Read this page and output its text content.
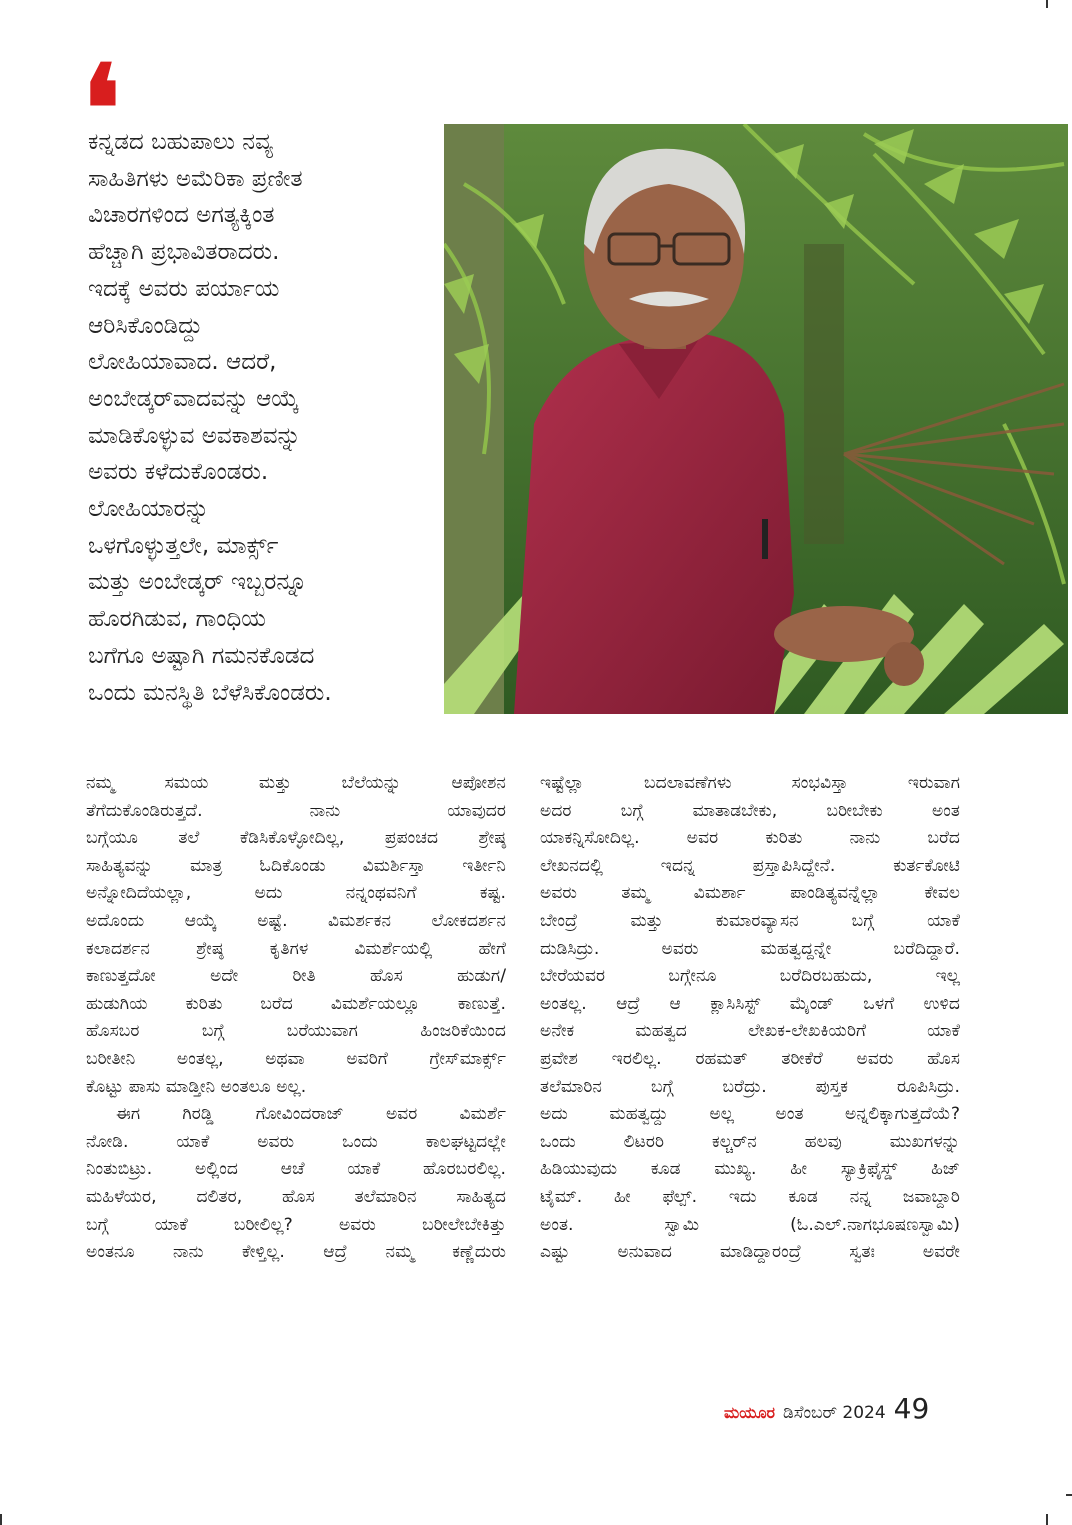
❛
ಕನ್ನಡದ ಬಹುಪಾಲು ನವ್ಯ
ಸಾಹಿತಿಗಳು ಅಮೆರಿಕಾ ಪ್ರಣೀತ
ವಿಚಾರಗಳಿಂದ ಅಗತ್ಯಕ್ಕಿಂತ
ಹೆಚ್ಚಾಗಿ ಪ್ರಭಾವಿತರಾದರು.
ಇದಕ್ಕೆ ಅವರು ಪರ್ಯಾಯ
ಆರಿಸಿಕೊಂಡಿದ್ದು
ಲೋಹಿಯಾವಾದ. ಆದರೆ,
ಅಂಬೇಡ್ಕರ್‌ವಾದವನ್ನು ಆಯ್ಕೆ
ಮಾಡಿಕೊಳ್ಳುವ ಅವಕಾಶವನ್ನು
ಅವರು ಕಳೆದುಕೊಂಡರು.
ಲೋಹಿಯಾರನ್ನು
ಒಳಗೊಳ್ಳುತ್ತಲೇ, ಮಾರ್ಕ್ಸ್
ಮತ್ತು ಅಂಬೇಡ್ಕರ್ ಇಬ್ಬರನ್ನೂ
ಹೊರಗಿಡುವ, ಗಾಂಧಿಯ
ಬಗೆಗೂ ಅಷ್ಟಾಗಿ ಗಮನಕೊಡದ
ಒಂದು ಮನಸ್ಥಿತಿ ಬೆಳೆಸಿಕೊಂಡರು.
ನಮ್ಮ ಸಮಯ ಮತ್ತು ಬೆಲೆಯನ್ನು ಆಪೋಶನ
ತೆಗೆದುಕೊಂಡಿರುತ್ತದೆ. ನಾನು ಯಾವುದರ
ಬಗ್ಗೆಯೂ ತಲೆ ಕೆಡಿಸಿಕೊಳ್ಳೋದಿಲ್ಲ, ಪ್ರಪಂಚದ ಶ್ರೇಷ್ಠ
ಸಾಹಿತ್ಯವನ್ನು ಮಾತ್ರ ಓದಿಕೊಂಡು ವಿಮರ್ಶಿಸ್ತಾ ಇರ್ತೀನಿ
ಅನ್ನೋದಿದೆಯಲ್ಲಾ, ಅದು ನನ್ನಂಥವನಿಗೆ ಕಷ್ಟ.
ಅದೊಂದು ಆಯ್ಕೆ ಅಷ್ಟೆ. ವಿಮರ್ಶಕನ ಲೋಕದರ್ಶನ
ಕಲಾದರ್ಶನ ಶ್ರೇಷ್ಠ ಕೃತಿಗಳ ವಿಮರ್ಶೆಯಲ್ಲಿ ಹೇಗೆ
ಕಾಣುತ್ತದೋ ಅದೇ ರೀತಿ ಹೊಸ ಹುಡುಗ/
ಹುಡುಗಿಯ ಕುರಿತು ಬರೆದ ವಿಮರ್ಶೆಯಲ್ಲೂ ಕಾಣುತ್ತೆ.
ಹೊಸಬರ ಬಗ್ಗೆ ಬರೆಯುವಾಗ ಹಿಂಜರಿಕೆಯಿಂದ
ಬರೀತೀನಿ ಅಂತಲ್ಲ, ಅಥವಾ ಅವರಿಗೆ ಗ್ರೇಸ್‌ಮಾರ್ಕ್ಸ್
ಕೊಟ್ಟು ಪಾಸು ಮಾಡ್ತೀನಿ ಅಂತಲೂ ಅಲ್ಲ.
ಈಗ ಗಿರಡ್ಡಿ ಗೋವಿಂದರಾಜ್ ಅವರ ವಿಮರ್ಶೆ
ನೋಡಿ. ಯಾಕೆ ಅವರು ಒಂದು ಕಾಲಘಟ್ಟದಲ್ಲೇ
ನಿಂತುಬಿಟ್ರು. ಅಲ್ಲಿಂದ ಆಚೆ ಯಾಕೆ ಹೊರಬರಲಿಲ್ಲ.
ಮಹಿಳೆಯರ, ದಲಿತರ, ಹೊಸ ತಲೆಮಾರಿನ ಸಾಹಿತ್ಯದ
ಬಗ್ಗೆ ಯಾಕೆ ಬರೀಲಿಲ್ಲ? ಅವರು ಬರೀಲೇಬೇಕಿತ್ತು
ಅಂತನೂ ನಾನು ಕೇಳ್ತಿಲ್ಲ. ಆದ್ರೆ ನಮ್ಮ ಕಣ್ಣೆದುರು
ಇಷ್ಟೆಲ್ಲಾ ಬದಲಾವಣೆಗಳು ಸಂಭವಿಸ್ತಾ ಇರುವಾಗ
ಅದರ ಬಗ್ಗೆ ಮಾತಾಡಬೇಕು, ಬರೀಬೇಕು ಅಂತ
ಯಾಕನ್ನಿಸೋದಿಲ್ಲ. ಅವರ ಕುರಿತು ನಾನು ಬರೆದ
ಲೇಖನದಲ್ಲಿ ಇದನ್ನ ಪ್ರಸ್ತಾಪಿಸಿದ್ದೇನೆ. ಕುರ್ತಕೋಟಿ
ಅವರು ತಮ್ಮ ವಿಮರ್ಶಾ ಪಾಂಡಿತ್ಯವನ್ನೆಲ್ಲಾ ಕೇವಲ
ಬೇಂದ್ರೆ ಮತ್ತು ಕುಮಾರವ್ಯಾಸನ ಬಗ್ಗೆ ಯಾಕೆ
ದುಡಿಸಿದ್ರು. ಅವರು ಮಹತ್ವದ್ದನ್ನೇ ಬರೆದಿದ್ದಾರೆ.
ಬೇರೆಯವರ ಬಗ್ಗೇನೂ ಬರೆದಿರಬಹುದು, ಇಲ್ಲ
ಅಂತಲ್ಲ. ಆದ್ರೆ ಆ ಕ್ಲಾಸಿಸಿಸ್ಟ್ ಮೈಂಡ್ ಒಳಗೆ ಉಳಿದ
ಅನೇಕ ಮಹತ್ವದ ಲೇಖಕ-ಲೇಖಕಿಯರಿಗೆ ಯಾಕೆ
ಪ್ರವೇಶ ಇರಲಿಲ್ಲ. ರಹಮತ್ ತರೀಕೆರೆ ಅವರು ಹೊಸ
ತಲೆಮಾರಿನ ಬಗ್ಗೆ ಬರೆದ್ರು. ಪುಸ್ತಕ ರೂಪಿಸಿದ್ರು.
ಅದು ಮಹತ್ವದ್ದು ಅಲ್ಲ ಅಂತ ಅನ್ನಲಿಕ್ಕಾಗುತ್ತದೆಯೆ?
ಒಂದು ಲಿಟರರಿ ಕಲ್ಚರ್‌ನ ಹಲವು ಮುಖಗಳನ್ನು
ಹಿಡಿಯುವುದು ಕೂಡ ಮುಖ್ಯ. ಹೀ ಸ್ಯಾಕ್ರಿಫೈಸ್ಡ್ ಹಿಜ್
ಟೈಮ್. ಹೀ ಫೆಲ್ಪ್. ಇದು ಕೂಡ ನನ್ನ ಜವಾಬ್ದಾರಿ
ಅಂತ. ಸ್ವಾಮಿ (ಓ.ಎಲ್.ನಾಗಭೂಷಣಸ್ವಾಮಿ)
ಎಷ್ಟು ಅನುವಾದ ಮಾಡಿದ್ದಾರಂದ್ರೆ ಸ್ವತಃ ಅವರೇ
ಮಯೂರ ಡಿಸೆಂಬರ್ 2024 49
